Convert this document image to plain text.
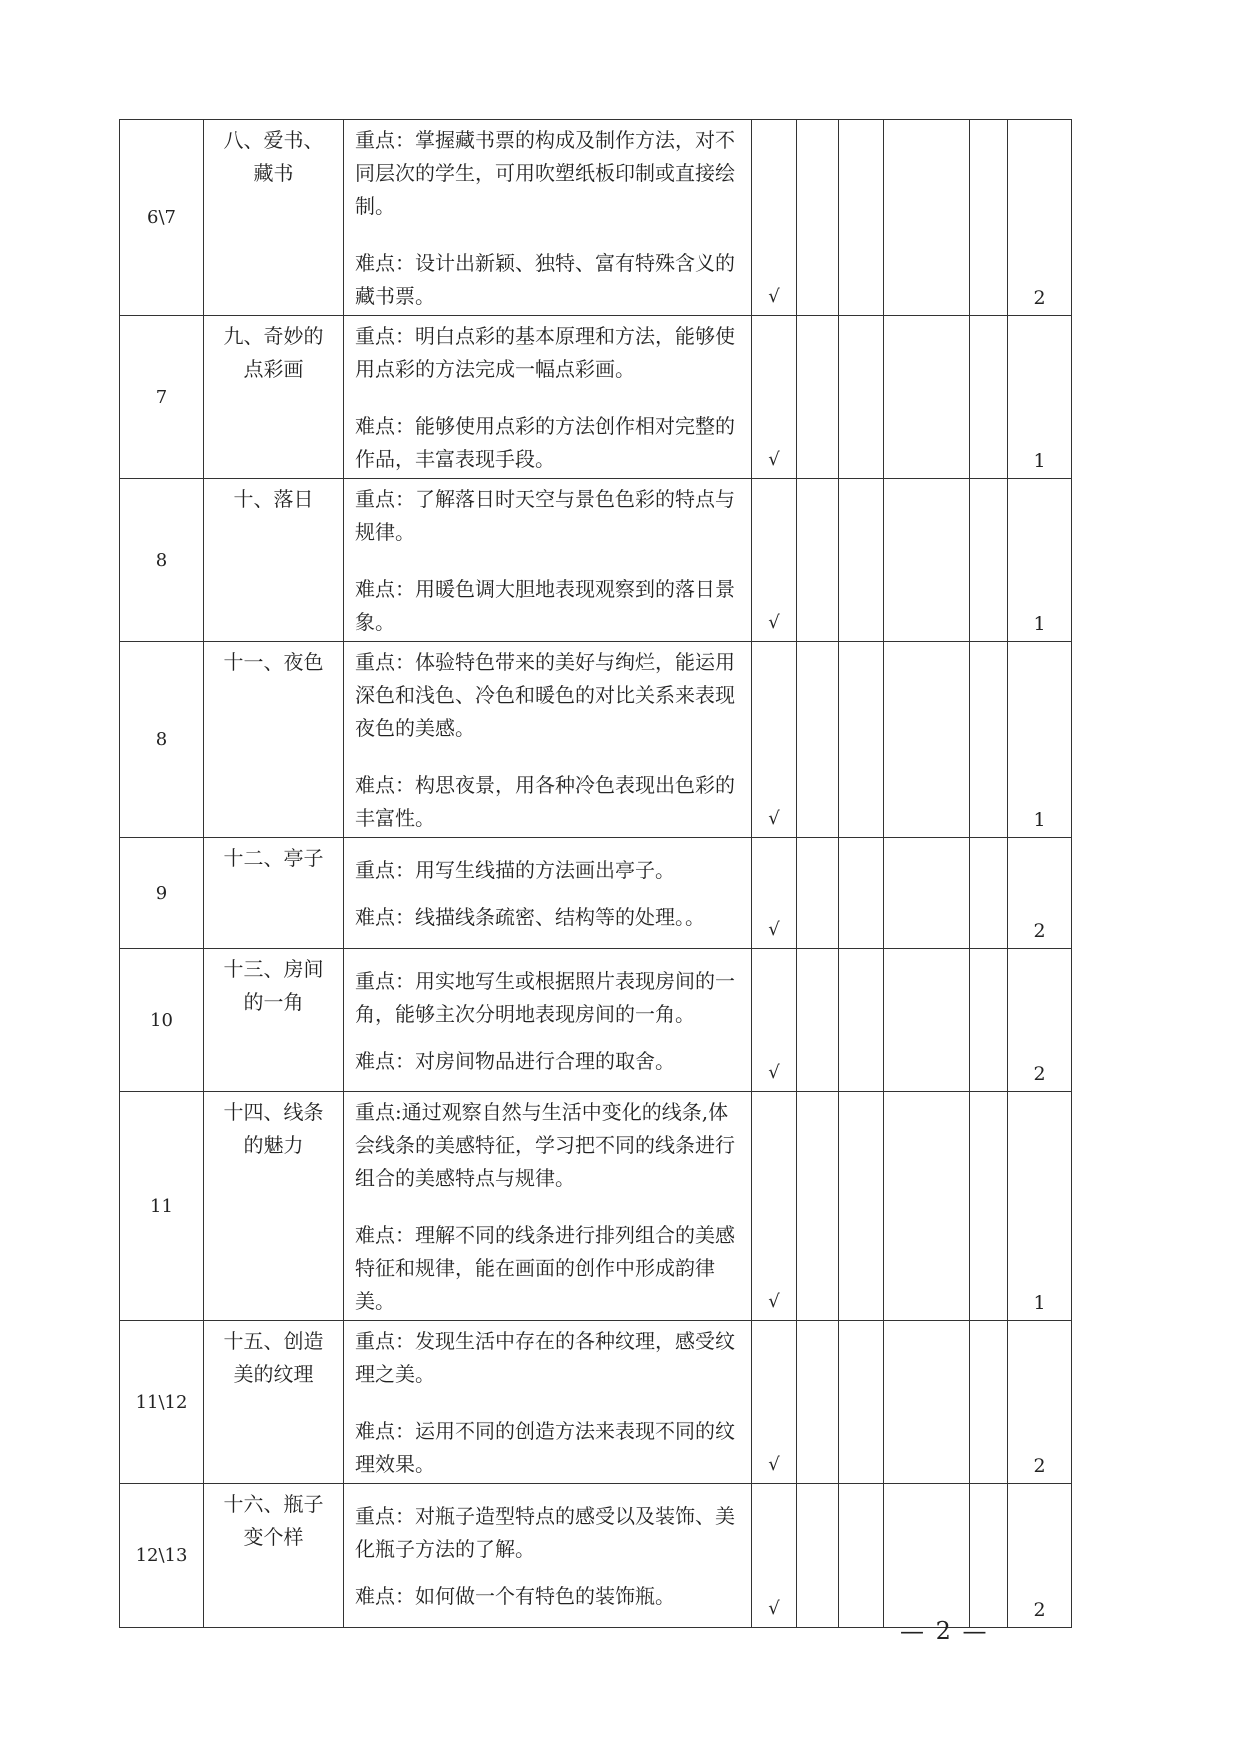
6\7	八、爱书、藏书	重点：掌握藏书票的构成及制作方法，对不同层次的学生，可用吹塑纸板印制或直接绘制。
难点：设计出新颖、独特、富有特殊含义的藏书票。	√					2
7	九、奇妙的点彩画	重点：明白点彩的基本原理和方法，能够使用点彩的方法完成一幅点彩画。
难点：能够使用点彩的方法创作相对完整的作品，丰富表现手段。	√					1
8	十、落日	重点：了解落日时天空与景色色彩的特点与规律。
难点：用暖色调大胆地表现观察到的落日景象。	√					1
8	十一、夜色	重点：体验特色带来的美好与绚烂，能运用深色和浅色、冷色和暖色的对比关系来表现夜色的美感。
难点：构思夜景，用各种冷色表现出色彩的丰富性。	√					1
9	十二、亭子	重点：用写生线描的方法画出亭子。
难点：线描线条疏密、结构等的处理。。	√					2
10	十三、房间的一角	重点：用实地写生或根据照片表现房间的一角，能够主次分明地表现房间的一角。
难点：对房间物品进行合理的取舍。	√					2
11	十四、线条的魅力	重点:通过观察自然与生活中变化的线条,体会线条的美感特征，学习把不同的线条进行组合的美感特点与规律。
难点：理解不同的线条进行排列组合的美感特征和规律，能在画面的创作中形成韵律美。	√					1
11\12	十五、创造美的纹理	重点：发现生活中存在的各种纹理，感受纹理之美。
难点：运用不同的创造方法来表现不同的纹理效果。	√					2
12\13	十六、瓶子变个样	重点：对瓶子造型特点的感受以及装饰、美化瓶子方法的了解。
难点：如何做一个有特色的装饰瓶。	√					2
— 2 —
